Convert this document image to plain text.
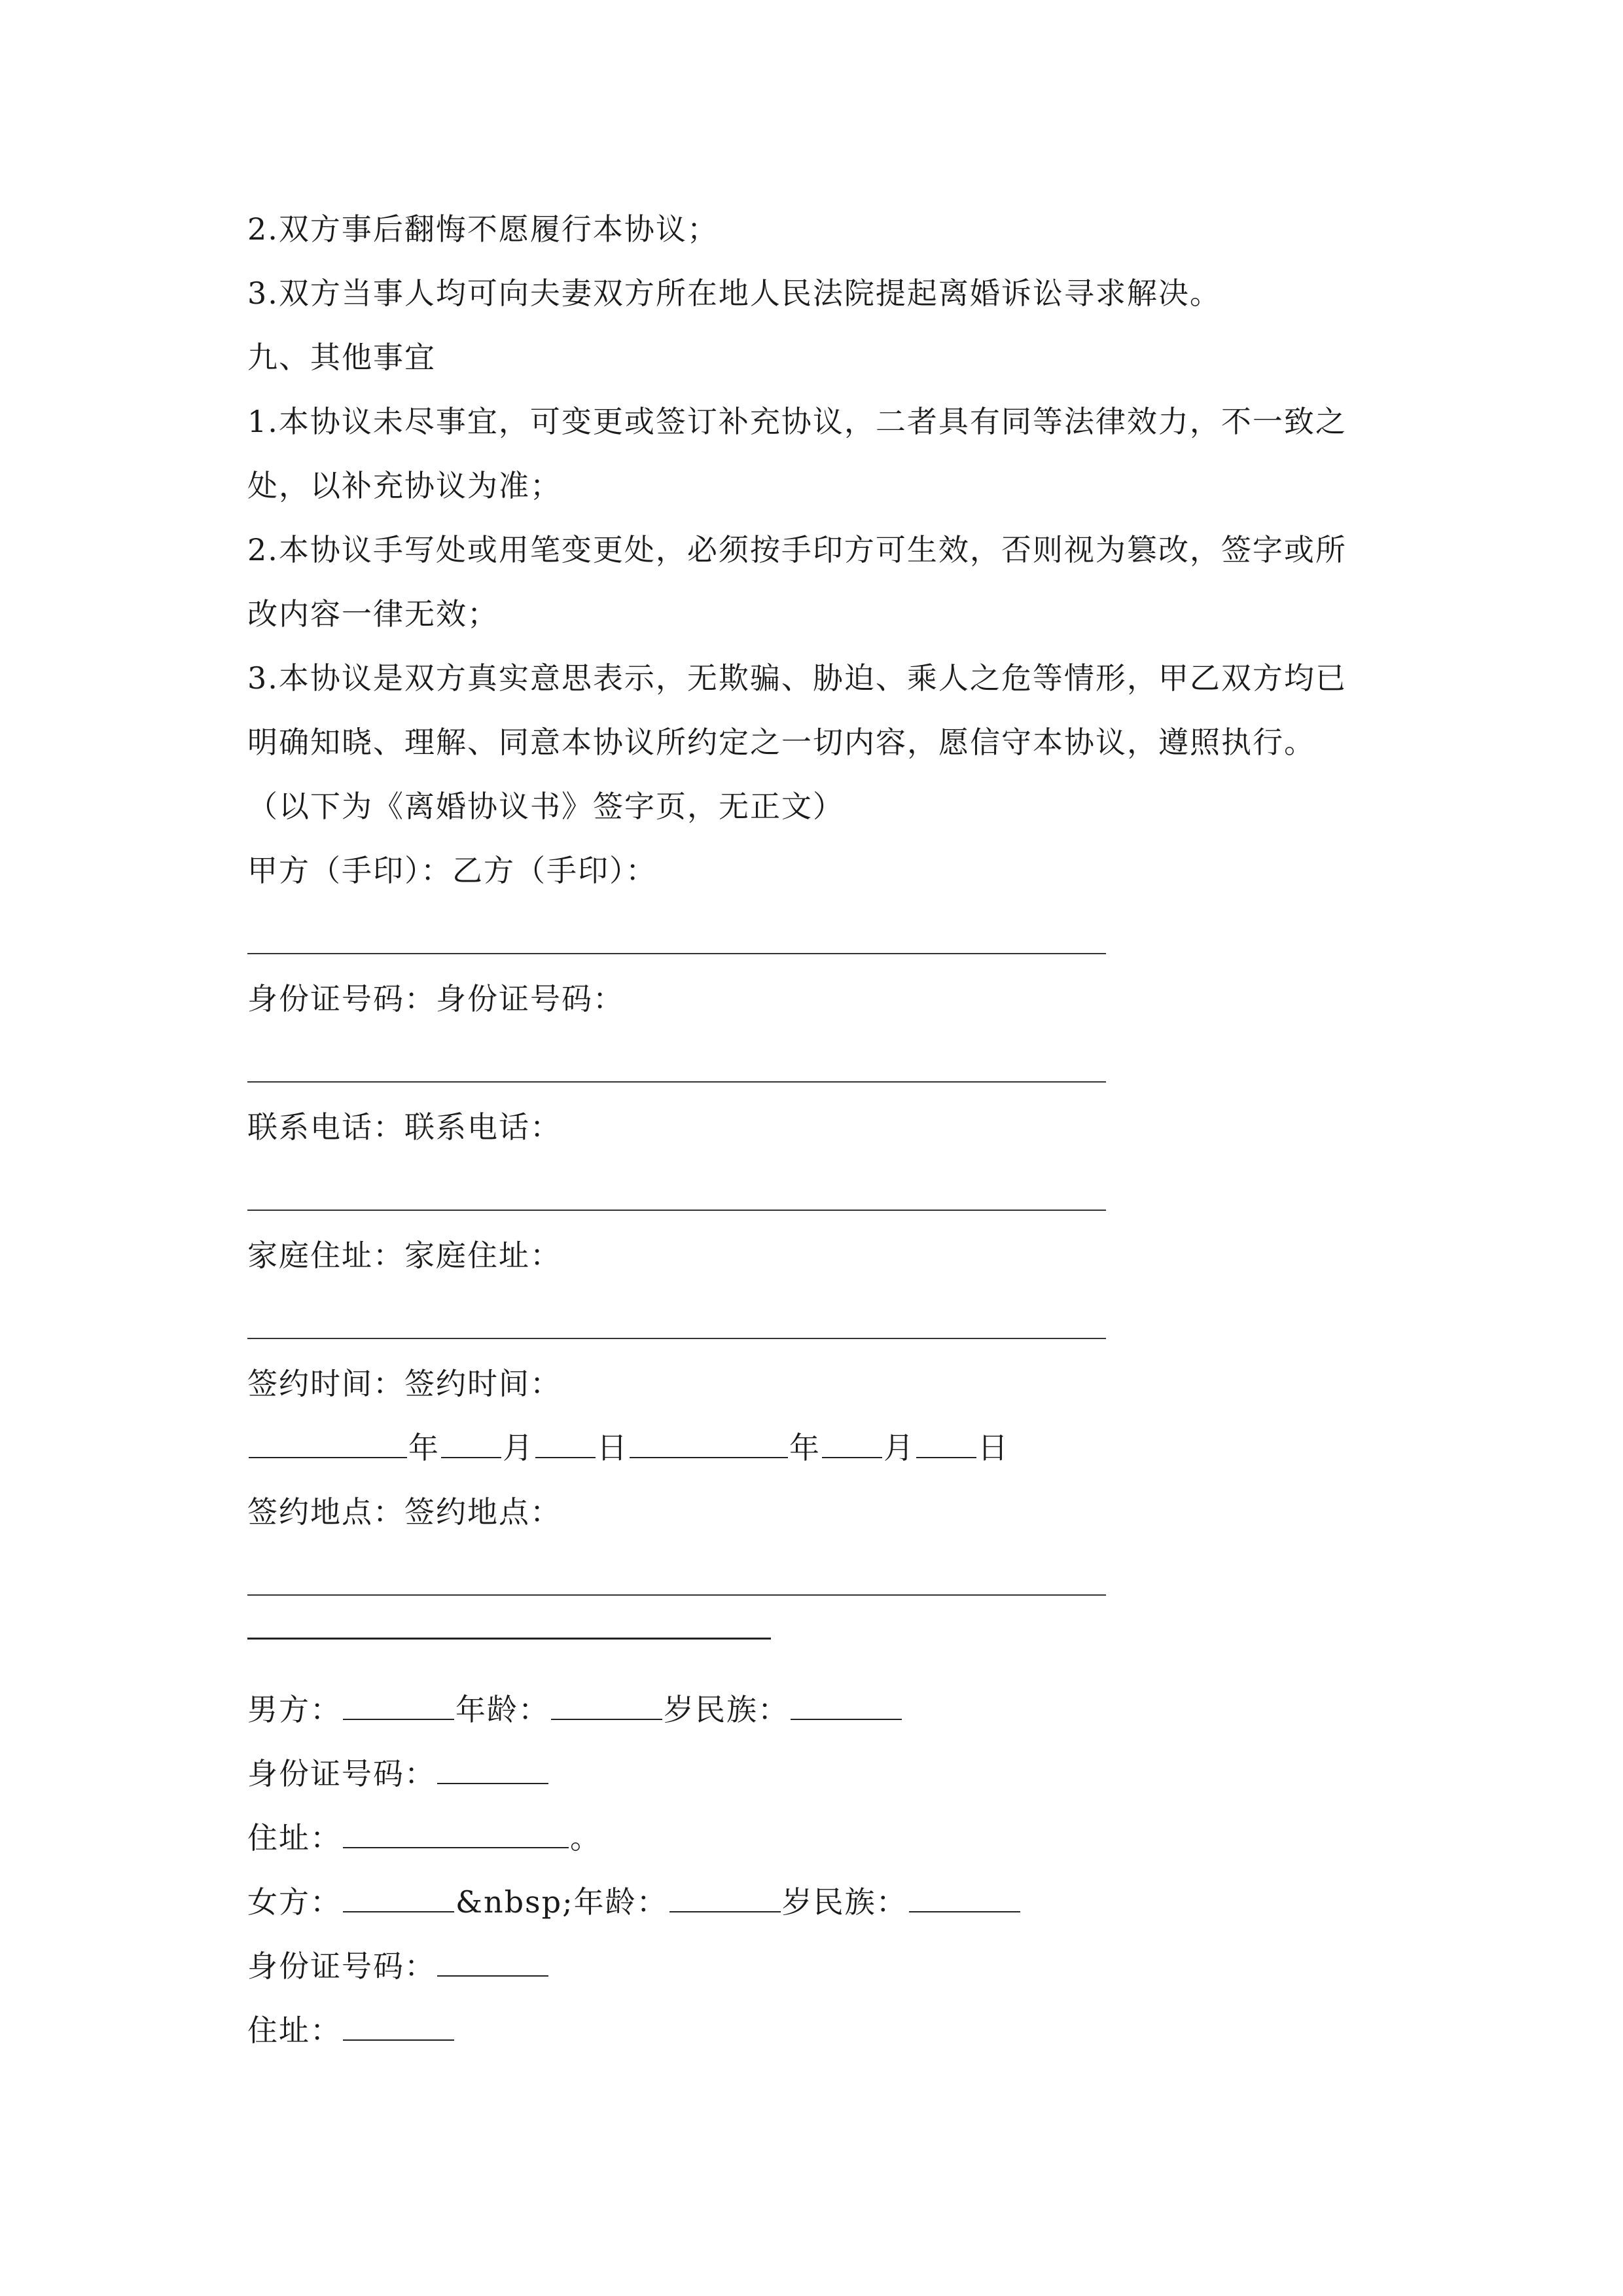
2.双方事后翻悔不愿履行本协议；
3.双方当事人均可向夫妻双方所在地人民法院提起离婚诉讼寻求解决。
九、其他事宜
1.本协议未尽事宜，可变更或签订补充协议，二者具有同等法律效力，不一致之
处，以补充协议为准；
2.本协议手写处或用笔变更处，必须按手印方可生效，否则视为篡改，签字或所
改内容一律无效；
3.本协议是双方真实意思表示，无欺骗、胁迫、乘人之危等情形，甲乙双方均已
明确知晓、理解、同意本协议所约定之一切内容，愿信守本协议，遵照执行。
（以下为《离婚协议书》签字页，无正文）
甲方（手印）：乙方（手印）：
身份证号码：身份证号码：
联系电话：联系电话：
家庭住址：家庭住址：
签约时间：签约时间：
年 月 日	年 月 日
签约地点：签约地点：
男方：	年龄：	岁民族：
身份证号码：
住址：	。
女方：	&nbsp;年龄：	岁民族：
身份证号码：
住址：
